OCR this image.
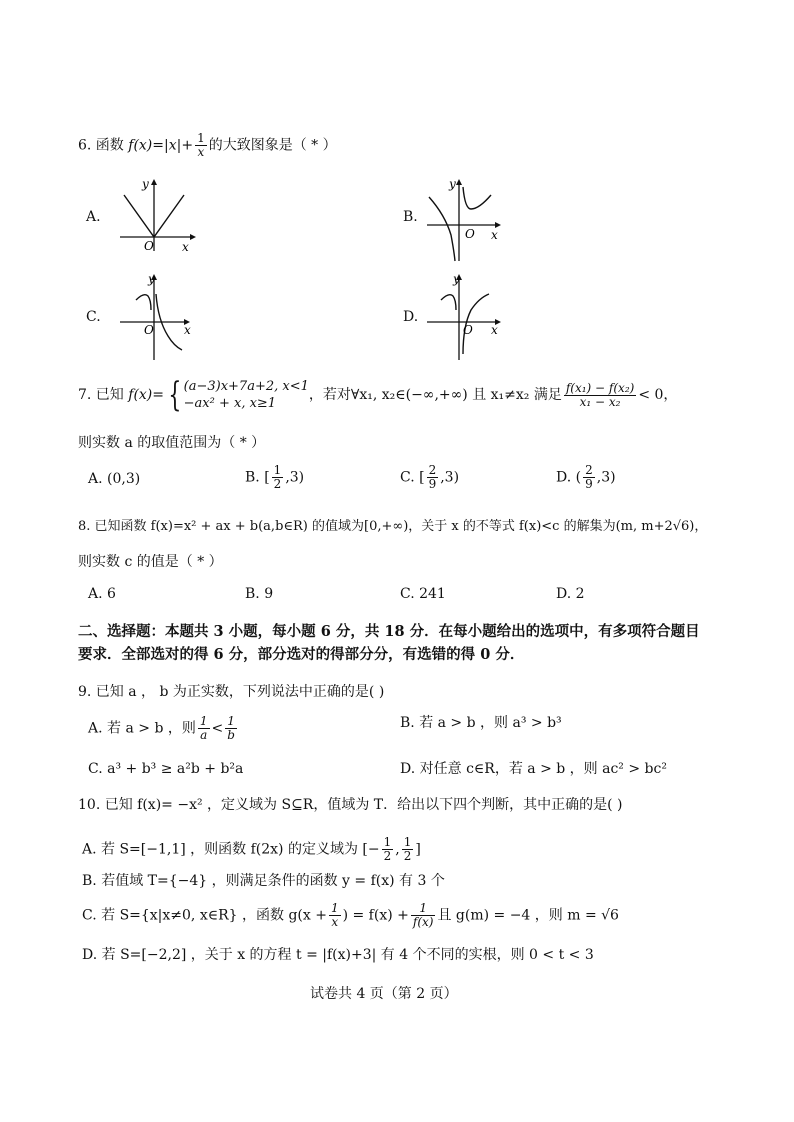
6. 函数 $f(x)=|x|+ \frac{1}{x}$ 的大致图象是（ * ）
A.	B.
C.	D.
y
x
O
y
x
O
y
x
O
y
x
O
7. 已知 f(x)= { (a−3)x+7a+2, x<1
−ax² + x, x≥1
，若对∀x₁, x₂∈(−∞,+∞) 且 x₁≠x₂ 满足 $\frac{\text{f(x₁) − f(x₂)}}{\text{x₁ − x₂}} < 0$，
则实数 a 的取值范围为（ * ）
A. (0,3)	B. [ $\frac{1}{2} ,3$)	C. [ $\frac{2}{9} ,3$)	D. ( $\frac{2}{9} ,3$)
8. 已知函数 f(x)=x² + ax + b(a,b∈R) 的值域为[0,+∞)，关于 x 的不等式 f(x)<c 的解集为(m, m+2√6)，
则实数 c 的值是（ * ）
A. 6	B. 9	C. 241	D. 2
二、选择题：本题共 3 小题，每小题 6 分，共 18 分．在每小题给出的选项中，有多项符合题目
要求．全部选对的得 6 分，部分选对的得部分分，有选错的得 0 分．
9. 已知 a ， b 为正实数，下列说法中正确的是( )
A. 若 a > b ，则 $\frac{1}{a} < \frac{1}{b}$	B. 若 a > b ，则 a³ > b³
C. a³ + b³ ≥ a²b + b²a	D. 对任意 c∈R，若 a > b ，则 ac² > bc²
10. 已知 f(x)= −x² ，定义域为 S⊆R，值域为 T．给出以下四个判断，其中正确的是( )
A. 若 S=[−1,1] ，则函数 f(2x) 的定义域为 [− $\frac{1}{2}$ , $\frac{1}{2}$ ]
B. 若值域 T={−4} ，则满足条件的函数 y = f(x) 有 3 个
C. 若 S={x|x≠0, x∈R} ，函数 $g(x + \frac{1}{x}$ ) = $f(x) + \frac{1}{f(x)}$ 且 g(m) = −4 ，则 m = √6
D. 若 S=[−2,2] ，关于 x 的方程 t = |f(x)+3| 有 4 个不同的实根，则 0 < t < 3
试卷共 4 页（第 2 页）
